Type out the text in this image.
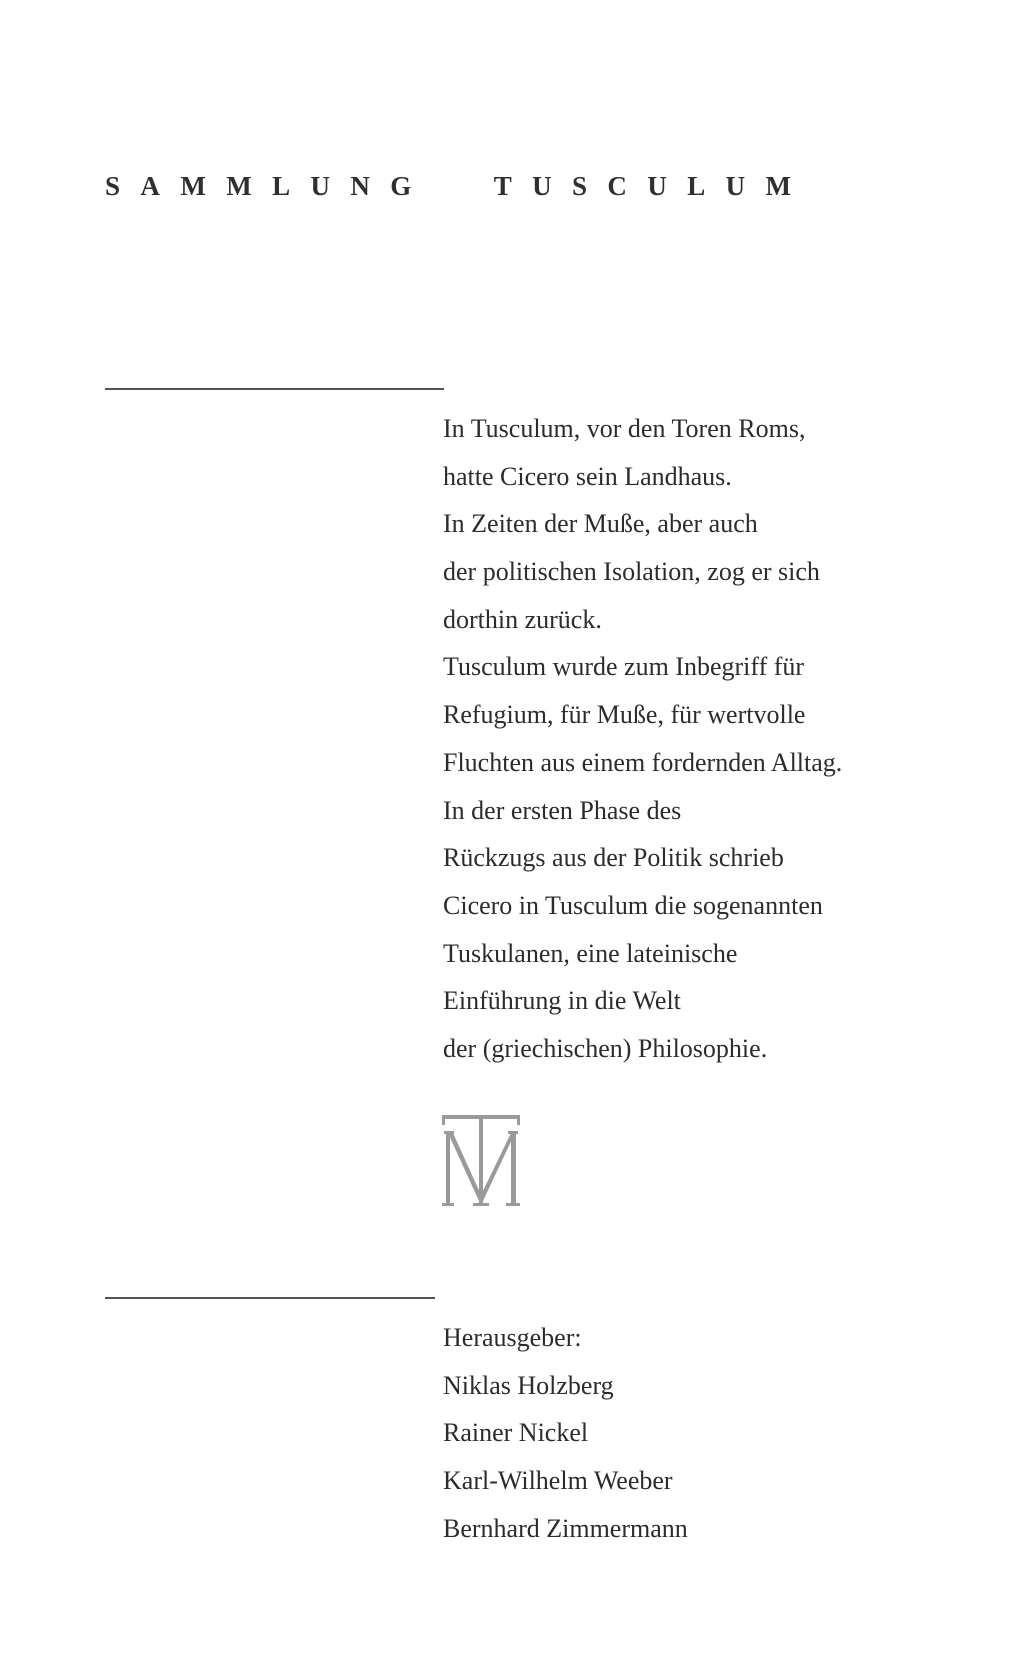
SAMMLUNG TUSCULUM
In Tusculum, vor den Toren Roms,
hatte Cicero sein Landhaus.
In Zeiten der Muße, aber auch
der politischen Isolation, zog er sich
dorthin zurück.
Tusculum wurde zum Inbegriff für
Refugium, für Muße, für wertvolle
Fluchten aus einem fordernden Alltag.
In der ersten Phase des
Rückzugs aus der Politik schrieb
Cicero in Tusculum die sogenannten
Tuskulanen, eine lateinische
Einführung in die Welt
der (griechischen) Philosophie.
Herausgeber:
Niklas Holzberg
Rainer Nickel
Karl-Wilhelm Weeber
Bernhard Zimmermann
